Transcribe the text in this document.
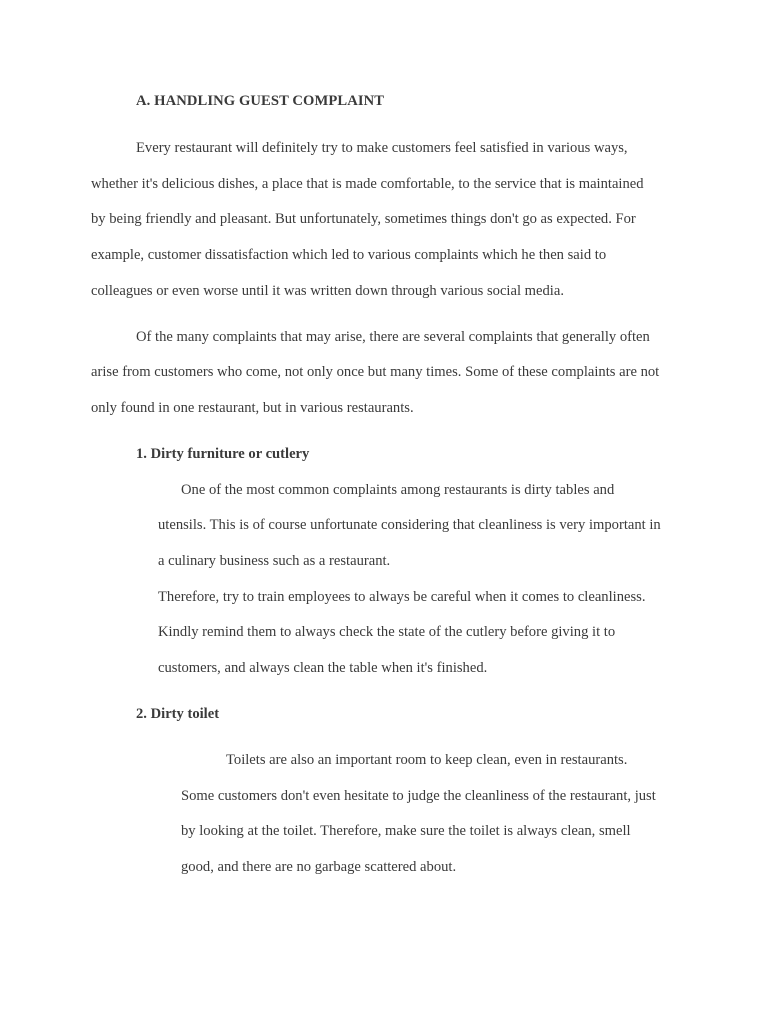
A. HANDLING GUEST COMPLAINT
Every restaurant will definitely try to make customers feel satisfied in various ways,
whether it's delicious dishes, a place that is made comfortable, to the service that is maintained
by being friendly and pleasant. But unfortunately, sometimes things don't go as expected. For
example, customer dissatisfaction which led to various complaints which he then said to
colleagues or even worse until it was written down through various social media.
Of the many complaints that may arise, there are several complaints that generally often
arise from customers who come, not only once but many times. Some of these complaints are not
only found in one restaurant, but in various restaurants.
1. Dirty furniture or cutlery
One of the most common complaints among restaurants is dirty tables and
utensils. This is of course unfortunate considering that cleanliness is very important in
a culinary business such as a restaurant.
Therefore, try to train employees to always be careful when it comes to cleanliness.
Kindly remind them to always check the state of the cutlery before giving it to
customers, and always clean the table when it's finished.
2. Dirty toilet
Toilets are also an important room to keep clean, even in restaurants.
Some customers don't even hesitate to judge the cleanliness of the restaurant, just
by looking at the toilet. Therefore, make sure the toilet is always clean, smell
good, and there are no garbage scattered about.
